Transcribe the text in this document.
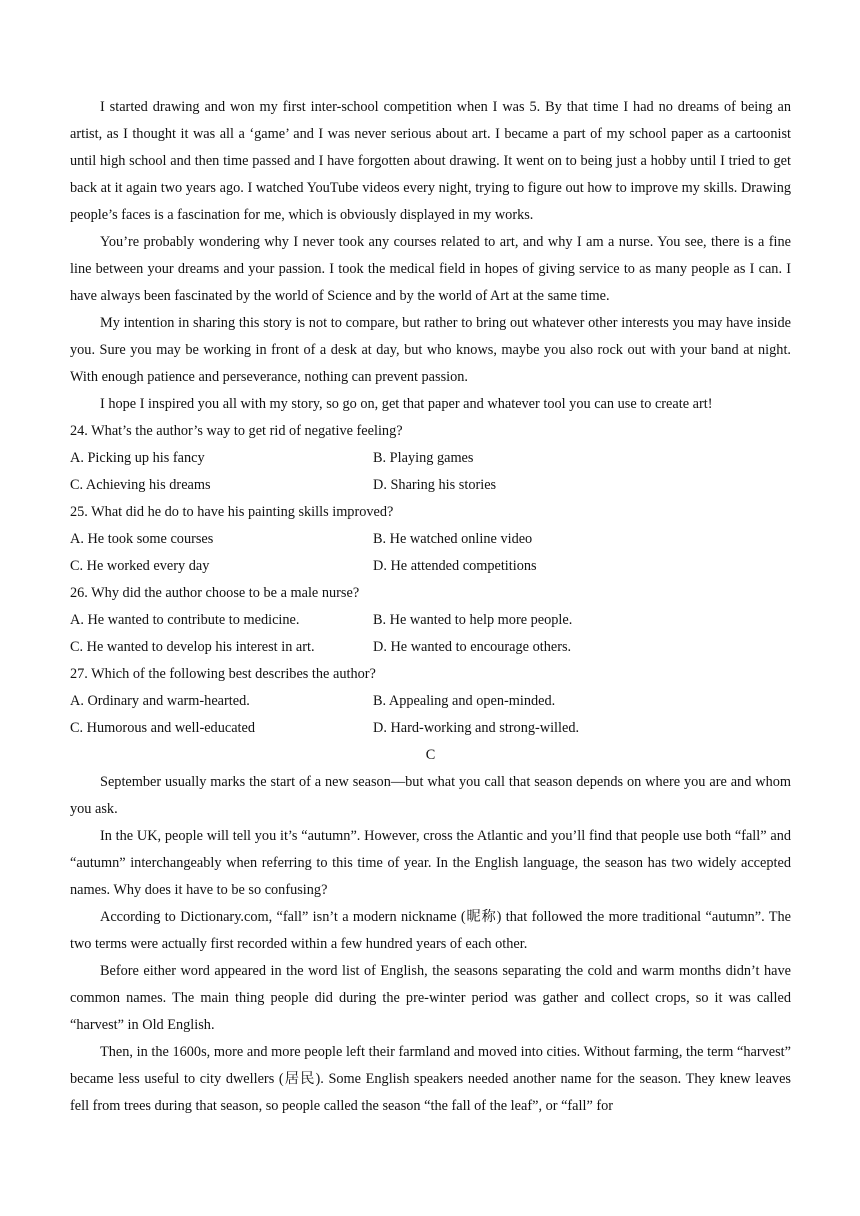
I started drawing and won my first inter-school competition when I was 5. By that time I had no dreams of being an artist, as I thought it was all a ‘game’ and I was never serious about art. I became a part of my school paper as a cartoonist until high school and then time passed and I have forgotten about drawing. It went on to being just a hobby until I tried to get back at it again two years ago. I watched YouTube videos every night, trying to figure out how to improve my skills. Drawing people’s faces is a fascination for me, which is obviously displayed in my works.

You’re probably wondering why I never took any courses related to art, and why I am a nurse. You see, there is a fine line between your dreams and your passion. I took the medical field in hopes of giving service to as many people as I can. I have always been fascinated by the world of Science and by the world of Art at the same time.

My intention in sharing this story is not to compare, but rather to bring out whatever other interests you may have inside you. Sure you may be working in front of a desk at day, but who knows, maybe you also rock out with your band at night. With enough patience and perseverance, nothing can prevent passion.

I hope I inspired you all with my story, so go on, get that paper and whatever tool you can use to create art!

24. What’s the author’s way to get rid of negative feeling?

A. Picking up his fancy	B. Playing games
C. Achieving his dreams	D. Sharing his stories

25. What did he do to have his painting skills improved?

A. He took some courses	B. He watched online video
C. He worked every day	D. He attended competitions

26. Why did the author choose to be a male nurse?

A. He wanted to contribute to medicine.	B. He wanted to help more people.
C. He wanted to develop his interest in art.	D. He wanted to encourage others.

27. Which of the following best describes the author?

A. Ordinary and warm-hearted.	B. Appealing and open-minded.
C. Humorous and well-educated	D. Hard-working and strong-willed.

C

September usually marks the start of a new season—but what you call that season depends on where you are and whom you ask.

In the UK, people will tell you it’s “autumn”. However, cross the Atlantic and you’ll find that people use both “fall” and “autumn” interchangeably when referring to this time of year. In the English language, the season has two widely accepted names. Why does it have to be so confusing?

According to Dictionary.com, “fall” isn’t a modern nickname (昵称) that followed the more traditional “autumn”. The two terms were actually first recorded within a few hundred years of each other.

Before either word appeared in the word list of English, the seasons separating the cold and warm months didn’t have common names. The main thing people did during the pre-winter period was gather and collect crops, so it was called “harvest” in Old English.

Then, in the 1600s, more and more people left their farmland and moved into cities. Without farming, the term “harvest” became less useful to city dwellers (居民). Some English speakers needed another name for the season. They knew leaves fell from trees during that season, so people called the season “the fall of the leaf”, or “fall” for
